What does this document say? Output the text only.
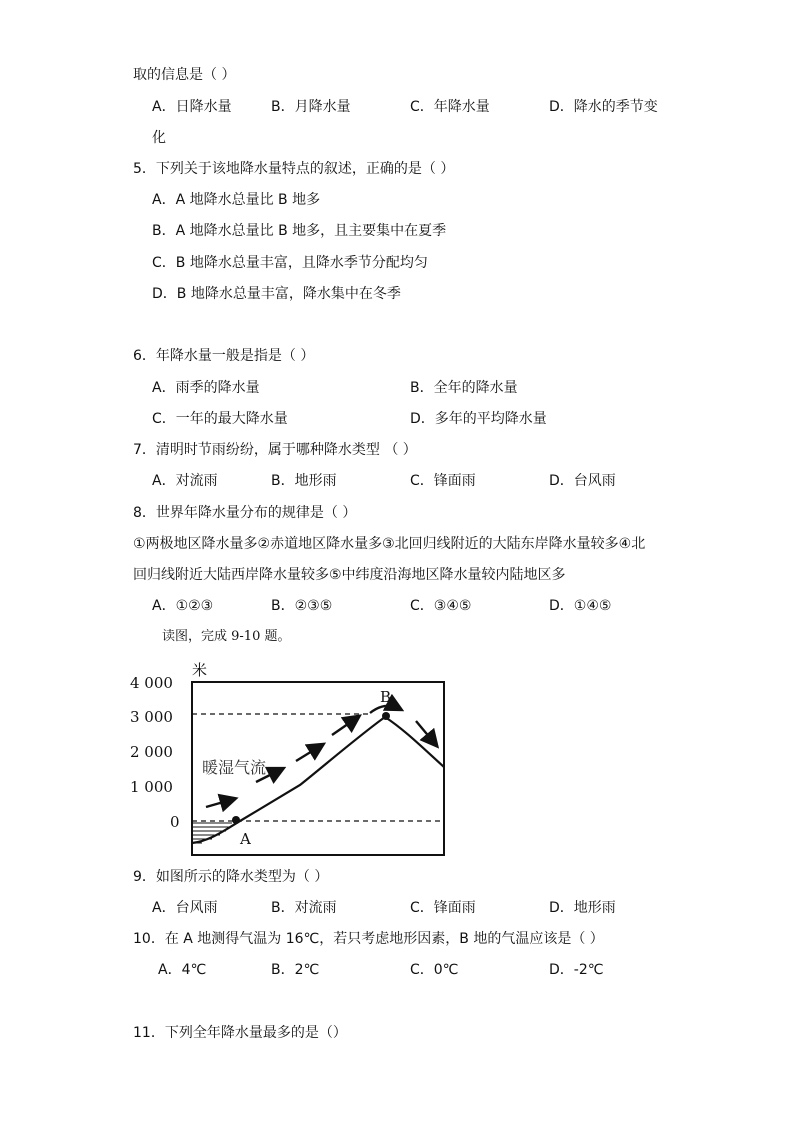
取的信息是（ ）
A．日降水量	B．月降水量	C．年降水量	D．降水的季节变
化
5．下列关于该地降水量特点的叙述，正确的是（ ）
A．A 地降水总量比 B 地多
B．A 地降水总量比 B 地多，且主要集中在夏季
C．B 地降水总量丰富，且降水季节分配均匀
D．B 地降水总量丰富，降水集中在冬季
6．年降水量一般是指是（ ）
A．雨季的降水量	B．全年的降水量
C．一年的最大降水量	D．多年的平均降水量
7．清明时节雨纷纷，属于哪种降水类型 （ ）
A．对流雨	B．地形雨	C．锋面雨	D．台风雨
8．世界年降水量分布的规律是（ ）
①两极地区降水量多②赤道地区降水量多③北回归线附近的大陆东岸降水量较多④北
回归线附近大陆西岸降水量较多⑤中纬度沿海地区降水量较内陆地区多
A．①②③	B．②③⑤	C．③④⑤	D．①④⑤
读图，完成 9-10 题。
米
4 000
3 000
2 000
1 000
0
A
B
暖湿气流
9．如图所示的降水类型为（ ）
A．台风雨	B．对流雨	C．锋面雨	D．地形雨
10．在 A 地测得气温为 16℃，若只考虑地形因素，B 地的气温应该是（ ）
A．4℃	B．2℃	C．0℃	D．-2℃
11．下列全年降水量最多的是（）
